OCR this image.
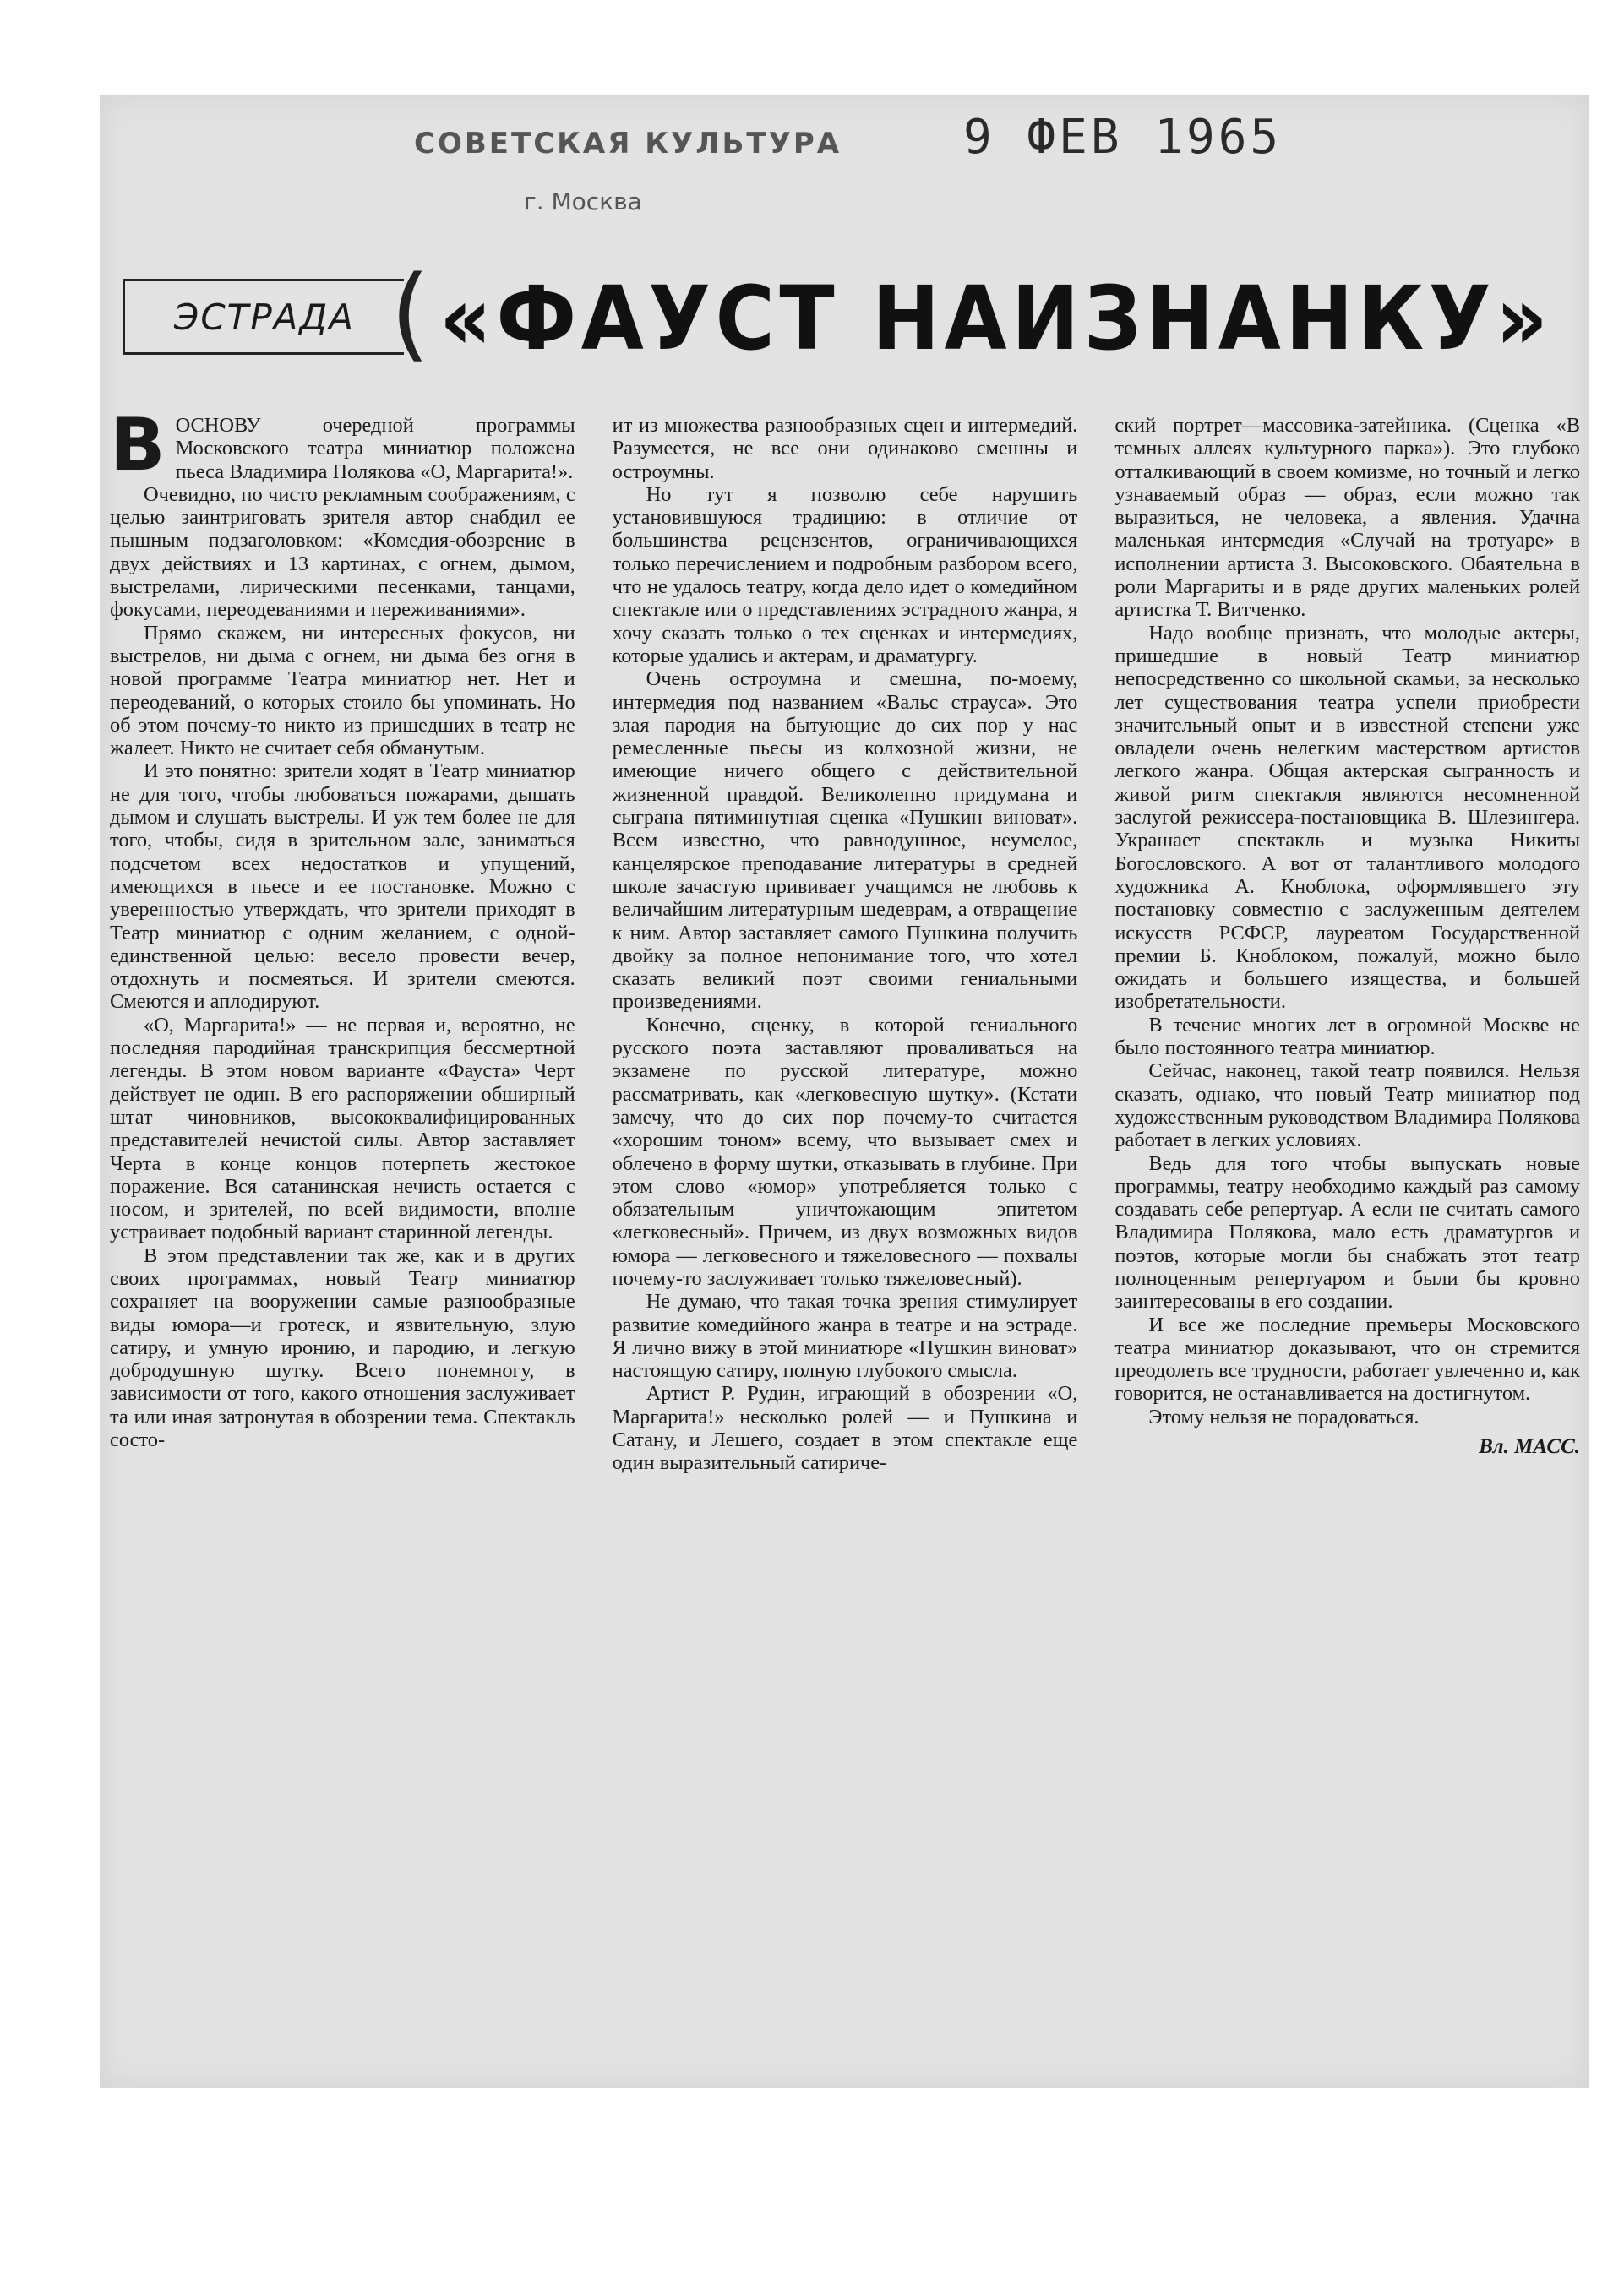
СОВЕТСКАЯ КУЛЬТУРА
г. Москва
9 ФЕВ 1965
ЭСТРАДА ( «ФАУСТ НАИЗНАНКУ»

ВОСНОВУ очередной программы Московского театра миниатюр положена пьеса Владимира Полякова «О, Маргарита!».

Очевидно, по чисто рекламным соображениям, с целью заинтриговать зрителя автор снабдил ее пышным подзаголовком: «Комедия-обозрение в двух действиях и 13 картинах, с огнем, дымом, выстрелами, лирическими песенками, танцами, фокусами, переодеваниями и переживаниями».

Прямо скажем, ни интересных фокусов, ни выстрелов, ни дыма с огнем, ни дыма без огня в новой программе Театра миниатюр нет. Нет и переодеваний, о которых стоило бы упоминать. Но об этом почему-то никто из пришедших в театр не жалеет. Никто не считает себя обманутым.

И это понятно: зрители ходят в Театр миниатюр не для того, чтобы любоваться пожарами, дышать дымом и слушать выстрелы. И уж тем более не для того, чтобы, сидя в зрительном зале, заниматься подсчетом всех недостатков и упущений, имеющихся в пьесе и ее постановке. Можно с уверенностью утверждать, что зрители приходят в Театр миниатюр с одним желанием, с одной-единственной целью: весело провести вечер, отдохнуть и посмеяться. И зрители смеются. Смеются и аплодируют.

«О, Маргарита!» — не первая и, вероятно, не последняя пародийная транскрипция бессмертной легенды. В этом новом варианте «Фауста» Черт действует не один. В его распоряжении обширный штат чиновников, высококвалифицированных представителей нечистой силы. Автор заставляет Черта в конце концов потерпеть жестокое поражение. Вся сатанинская нечисть остается с носом, и зрителей, по всей видимости, вполне устраивает подобный вариант старинной легенды.

В этом представлении так же, как и в других своих программах, новый Театр миниатюр сохраняет на вооружении самые разнообразные виды юмора—и гротеск, и язвительную, злую сатиру, и умную иронию, и пародию, и легкую добродушную шутку. Всего понемногу, в зависимости от того, какого отношения заслуживает та или иная затронутая в обозрении тема. Спектакль состо-

ит из множества разнообразных сцен и интермедий. Разумеется, не все они одинаково смешны и остроумны.

Но тут я позволю себе нарушить установившуюся традицию: в отличие от большинства рецензентов, ограничивающихся только перечислением и подробным разбором всего, что не удалось театру, когда дело идет о комедийном спектакле или о представлениях эстрадного жанра, я хочу сказать только о тех сценках и интермедиях, которые удались и актерам, и драматургу.

Очень остроумна и смешна, по-моему, интермедия под названием «Вальс страуса». Это злая пародия на бытующие до сих пор у нас ремесленные пьесы из колхозной жизни, не имеющие ничего общего с действительной жизненной правдой. Великолепно придумана и сыграна пятиминутная сценка «Пушкин виноват». Всем известно, что равнодушное, неумелое, канцелярское преподавание литературы в средней школе зачастую прививает учащимся не любовь к величайшим литературным шедеврам, а отвращение к ним. Автор заставляет самого Пушкина получить двойку за полное непонимание того, что хотел сказать великий поэт своими гениальными произведениями.

Конечно, сценку, в которой гениального русского поэта заставляют проваливаться на экзамене по русской литературе, можно рассматривать, как «легковесную шутку». (Кстати замечу, что до сих пор почему-то считается «хорошим тоном» всему, что вызывает смех и облечено в форму шутки, отказывать в глубине. При этом слово «юмор» употребляется только с обязательным уничтожающим эпитетом «легковесный». Причем, из двух возможных видов юмора — легковесного и тяжеловесного — похвалы почему-то заслуживает только тяжеловесный).

Не думаю, что такая точка зрения стимулирует развитие комедийного жанра в театре и на эстраде. Я лично вижу в этой миниатюре «Пушкин виноват» настоящую сатиру, полную глубокого смысла.

Артист Р. Рудин, играющий в обозрении «О, Маргарита!» несколько ролей — и Пушкина и Сатану, и Лешего, создает в этом спектакле еще один выразительный сатириче-

ский портрет—массовика-затейника. (Сценка «В темных аллеях культурного парка»). Это глубоко отталкивающий в своем комизме, но точный и легко узнаваемый образ — образ, если можно так выразиться, не человека, а явления. Удачна маленькая интермедия «Случай на тротуаре» в исполнении артиста З. Высоковского. Обаятельна в роли Маргариты и в ряде других маленьких ролей артистка Т. Витченко.

Надо вообще признать, что молодые актеры, пришедшие в новый Театр миниатюр непосредственно со школьной скамьи, за несколько лет существования театра успели приобрести значительный опыт и в известной степени уже овладели очень нелегким мастерством артистов легкого жанра. Общая актерская сыгранность и живой ритм спектакля являются несомненной заслугой режиссера-постановщика В. Шлезингера. Украшает спектакль и музыка Никиты Богословского. А вот от талантливого молодого художника А. Кноблока, оформлявшего эту постановку совместно с заслуженным деятелем искусств РСФСР, лауреатом Государственной премии Б. Кноблоком, пожалуй, можно было ожидать и большего изящества, и большей изобретательности.

В течение многих лет в огромной Москве не было постоянного театра миниатюр.

Сейчас, наконец, такой театр появился. Нельзя сказать, однако, что новый Театр миниатюр под художественным руководством Владимира Полякова работает в легких условиях.

Ведь для того чтобы выпускать новые программы, театру необходимо каждый раз самому создавать себе репертуар. А если не считать самого Владимира Полякова, мало есть драматургов и поэтов, которые могли бы снабжать этот театр полноценным репертуаром и были бы кровно заинтересованы в его создании.

И все же последние премьеры Московского театра миниатюр доказывают, что он стремится преодолеть все трудности, работает увлеченно и, как говорится, не останавливается на достигнутом.

Этому нельзя не порадоваться.

Вл. МАСС.
